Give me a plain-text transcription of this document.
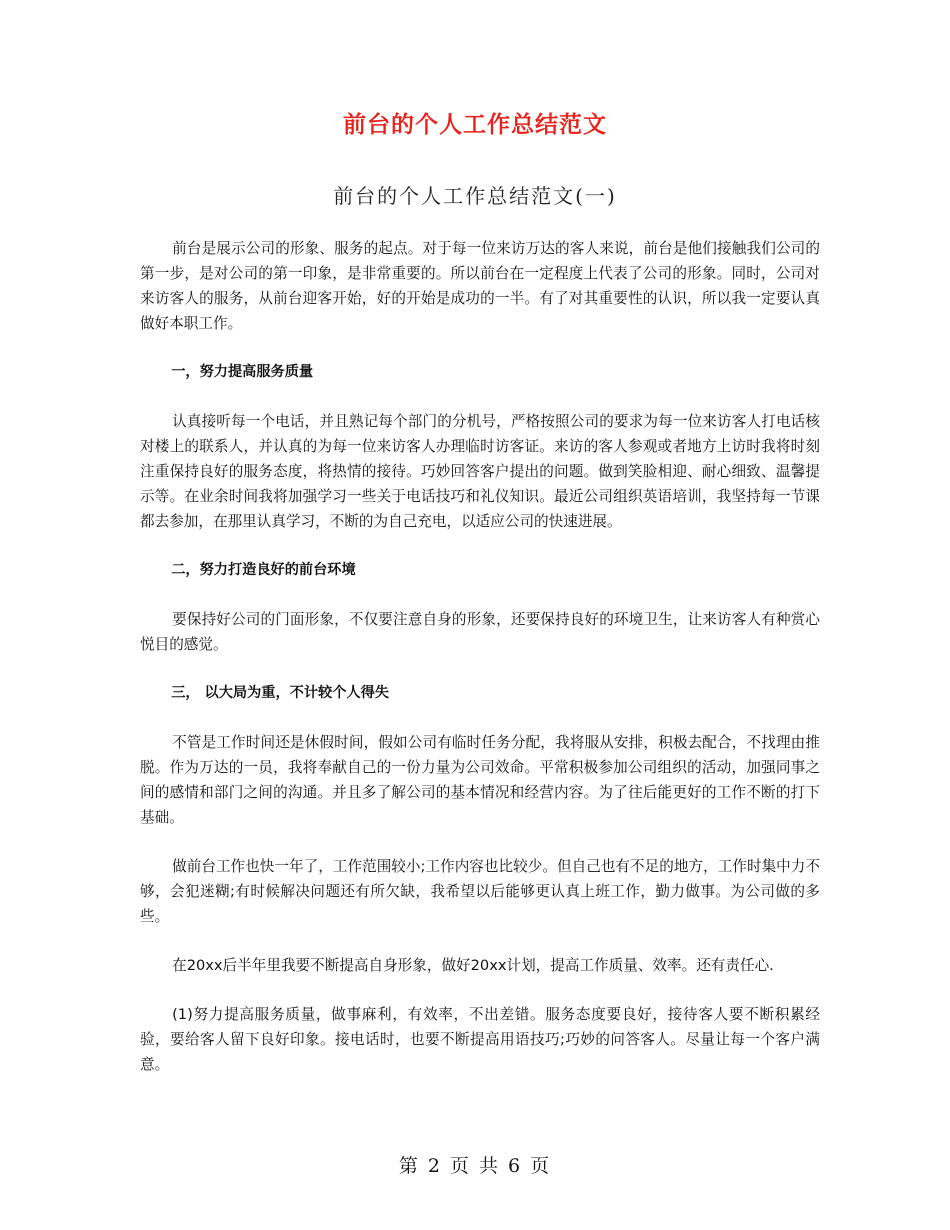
前台的个人工作总结范文
前台的个人工作总结范文(一)

前台是展示公司的形象、服务的起点。对于每一位来访万达的客人来说，前台是他们接触我们公司的第一步，是对公司的第一印象，是非常重要的。所以前台在一定程度上代表了公司的形象。同时，公司对来访客人的服务，从前台迎客开始，好的开始是成功的一半。有了对其重要性的认识，所以我一定要认真做好本职工作。

一，努力提高服务质量

认真接听每一个电话，并且熟记每个部门的分机号，严格按照公司的要求为每一位来访客人打电话核对楼上的联系人，并认真的为每一位来访客人办理临时访客证。来访的客人参观或者地方上访时我将时刻注重保持良好的服务态度，将热情的接待。巧妙回答客户提出的问题。做到笑脸相迎、耐心细致、温馨提示等。在业余时间我将加强学习一些关于电话技巧和礼仪知识。最近公司组织英语培训，我坚持每一节课都去参加，在那里认真学习，不断的为自己充电，以适应公司的快速进展。

二，努力打造良好的前台环境

要保持好公司的门面形象，不仅要注意自身的形象，还要保持良好的环境卫生，让来访客人有种赏心悦目的感觉。

三， 以大局为重，不计较个人得失

不管是工作时间还是休假时间，假如公司有临时任务分配，我将服从安排，积极去配合，不找理由推脱。作为万达的一员，我将奉献自己的一份力量为公司效命。平常积极参加公司组织的活动，加强同事之间的感情和部门之间的沟通。并且多了解公司的基本情况和经营内容。为了往后能更好的工作不断的打下基础。

做前台工作也快一年了，工作范围较小;工作内容也比较少。但自己也有不足的地方，工作时集中力不够，会犯迷糊;有时候解决问题还有所欠缺，我希望以后能够更认真上班工作，勤力做事。为公司做的多些。

在20xx后半年里我要不断提高自身形象，做好20xx计划，提高工作质量、效率。还有责任心.

(1)努力提高服务质量，做事麻利，有效率，不出差错。服务态度要良好，接待客人要不断积累经验，要给客人留下良好印象。接电话时，也要不断提高用语技巧;巧妙的问答客人。尽量让每一个客户满意。

第 2 页 共 6 页
